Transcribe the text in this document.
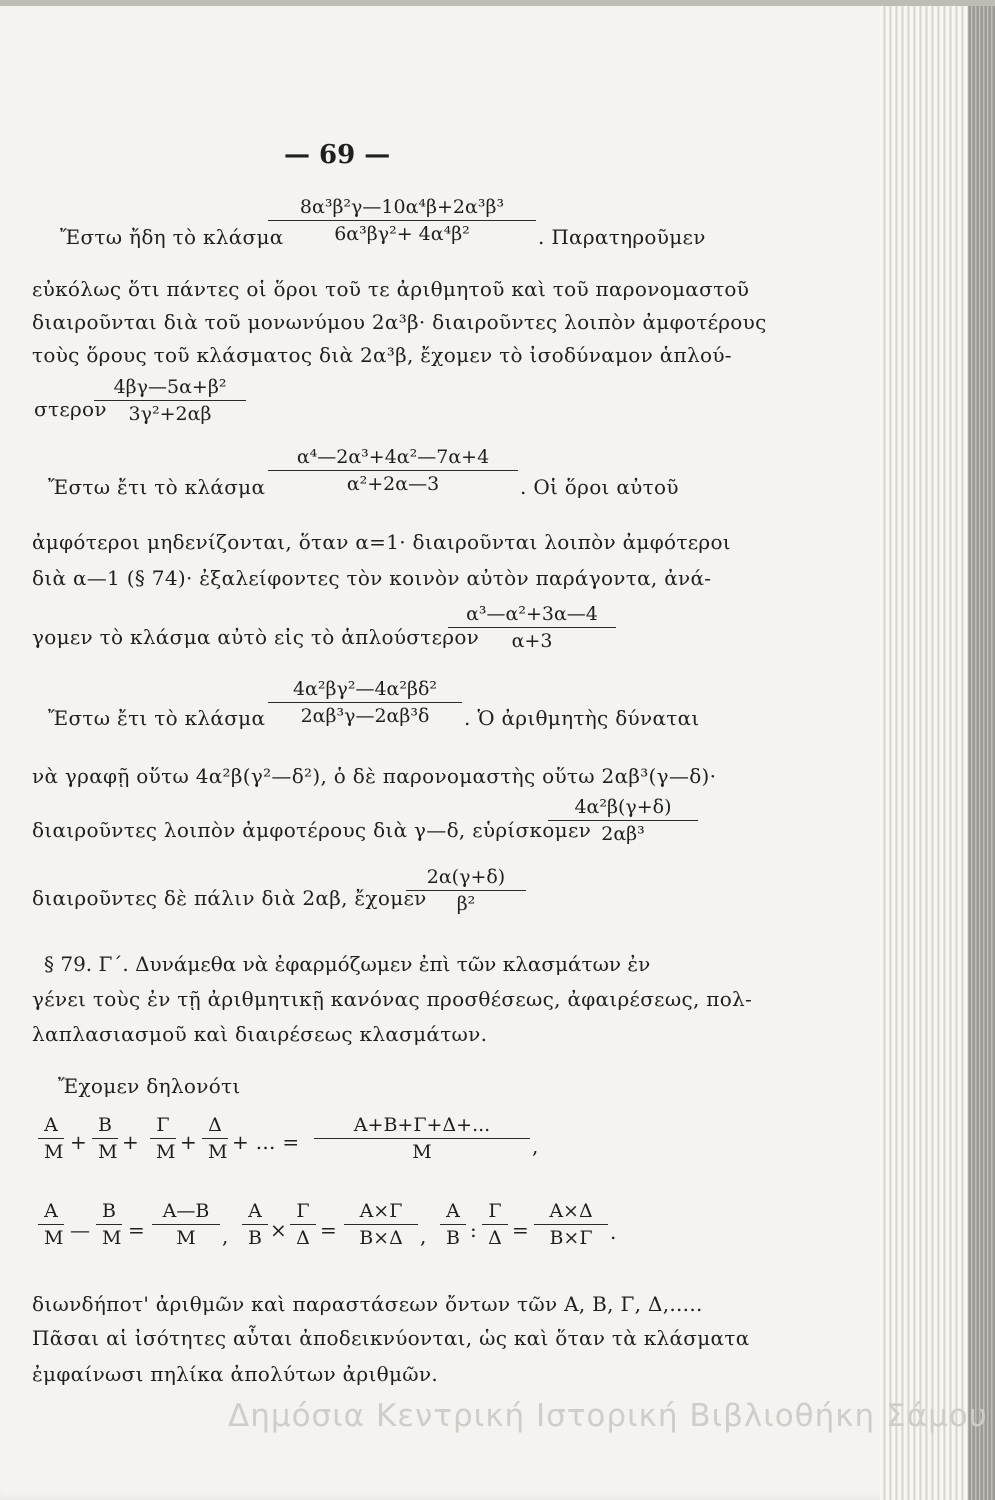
— 69 —
Ἔστω ἤδη τὸ κλάσμα
8α³β²γ—10α⁴β+2α³β³
6α³βγ²+ 4α⁴β²	. Παρατηροῦμεν
εὐκόλως ὅτι πάντες οἱ ὅροι τοῦ τε ἀριθμητοῦ καὶ τοῦ παρονομαστοῦ
διαιροῦνται διὰ τοῦ μονωνύμου 2α³β· διαιροῦντες λοιπὸν ἀμφοτέρους
τοὺς ὅρους τοῦ κλάσματος διὰ 2α³β, ἔχομεν τὸ ἰσοδύναμον ἁπλού-
στερον
4βγ—5α+β²
3γ²+2αβ
Ἔστω ἔτι τὸ κλάσμα
α⁴—2α³+4α²—7α+4
α²+2α—3	. Οἱ ὅροι αὐτοῦ
ἀμφότεροι μηδενίζονται, ὅταν α=1· διαιροῦνται λοιπὸν ἀμφότεροι
διὰ α—1 (§ 74)· ἐξαλείφοντες τὸν κοινὸν αὐτὸν παράγοντα, ἀνά-
γομεν τὸ κλάσμα αὐτὸ εἰς τὸ ἁπλούστερον
α³—α²+3α—4
α+3
Ἔστω ἔτι τὸ κλάσμα
4α²βγ²—4α²βδ²
2αβ³γ—2αβ³δ	. Ὁ ἀριθμητὴς δύναται
νὰ γραφῇ οὕτω 4α²β(γ²—δ²), ὁ δὲ παρονομαστὴς οὕτω 2αβ³(γ—δ)·
διαιροῦντες λοιπὸν ἀμφοτέρους διὰ γ—δ, εὑρίσκομεν
4α²β(γ+δ)
2αβ³
διαιροῦντες δὲ πάλιν διὰ 2αβ, ἔχομεν
2α(γ+δ)
β²
§ 79. Γ΄. Δυνάμεθα νὰ ἐφαρμόζωμεν ἐπὶ τῶν κλασμάτων ἐν
γένει τοὺς ἐν τῇ ἀριθμητικῇ κανόνας προσθέσεως, ἀφαιρέσεως, πολ-
λαπλασιασμοῦ καὶ διαιρέσεως κλασμάτων.
Ἔχομεν δηλονότι
Α
Μ +
Β
Μ +
Γ
Μ +
Δ
Μ + ... =
Α+Β+Γ+Δ+...
Μ	,
Α
Μ —
Β
Μ =
Α—Β
Μ	,
Α
Β ×
Γ
Δ =
Α×Γ
Β×Δ ,
Α
Β :
Γ
Δ =
Α×Δ
Β×Γ .
διωνδήποτ' ἀριθμῶν καὶ παραστάσεων ὄντων τῶν Α, Β, Γ, Δ,.....
Πᾶσαι αἱ ἰσότητες αὗται ἀποδεικνύονται, ὡς καὶ ὅταν τὰ κλάσματα
ἐμφαίνωσι πηλίκα ἀπολύτων ἀριθμῶν.
Δημόσια Κεντρική Ιστορική Βιβλιοθήκη Σάμου
